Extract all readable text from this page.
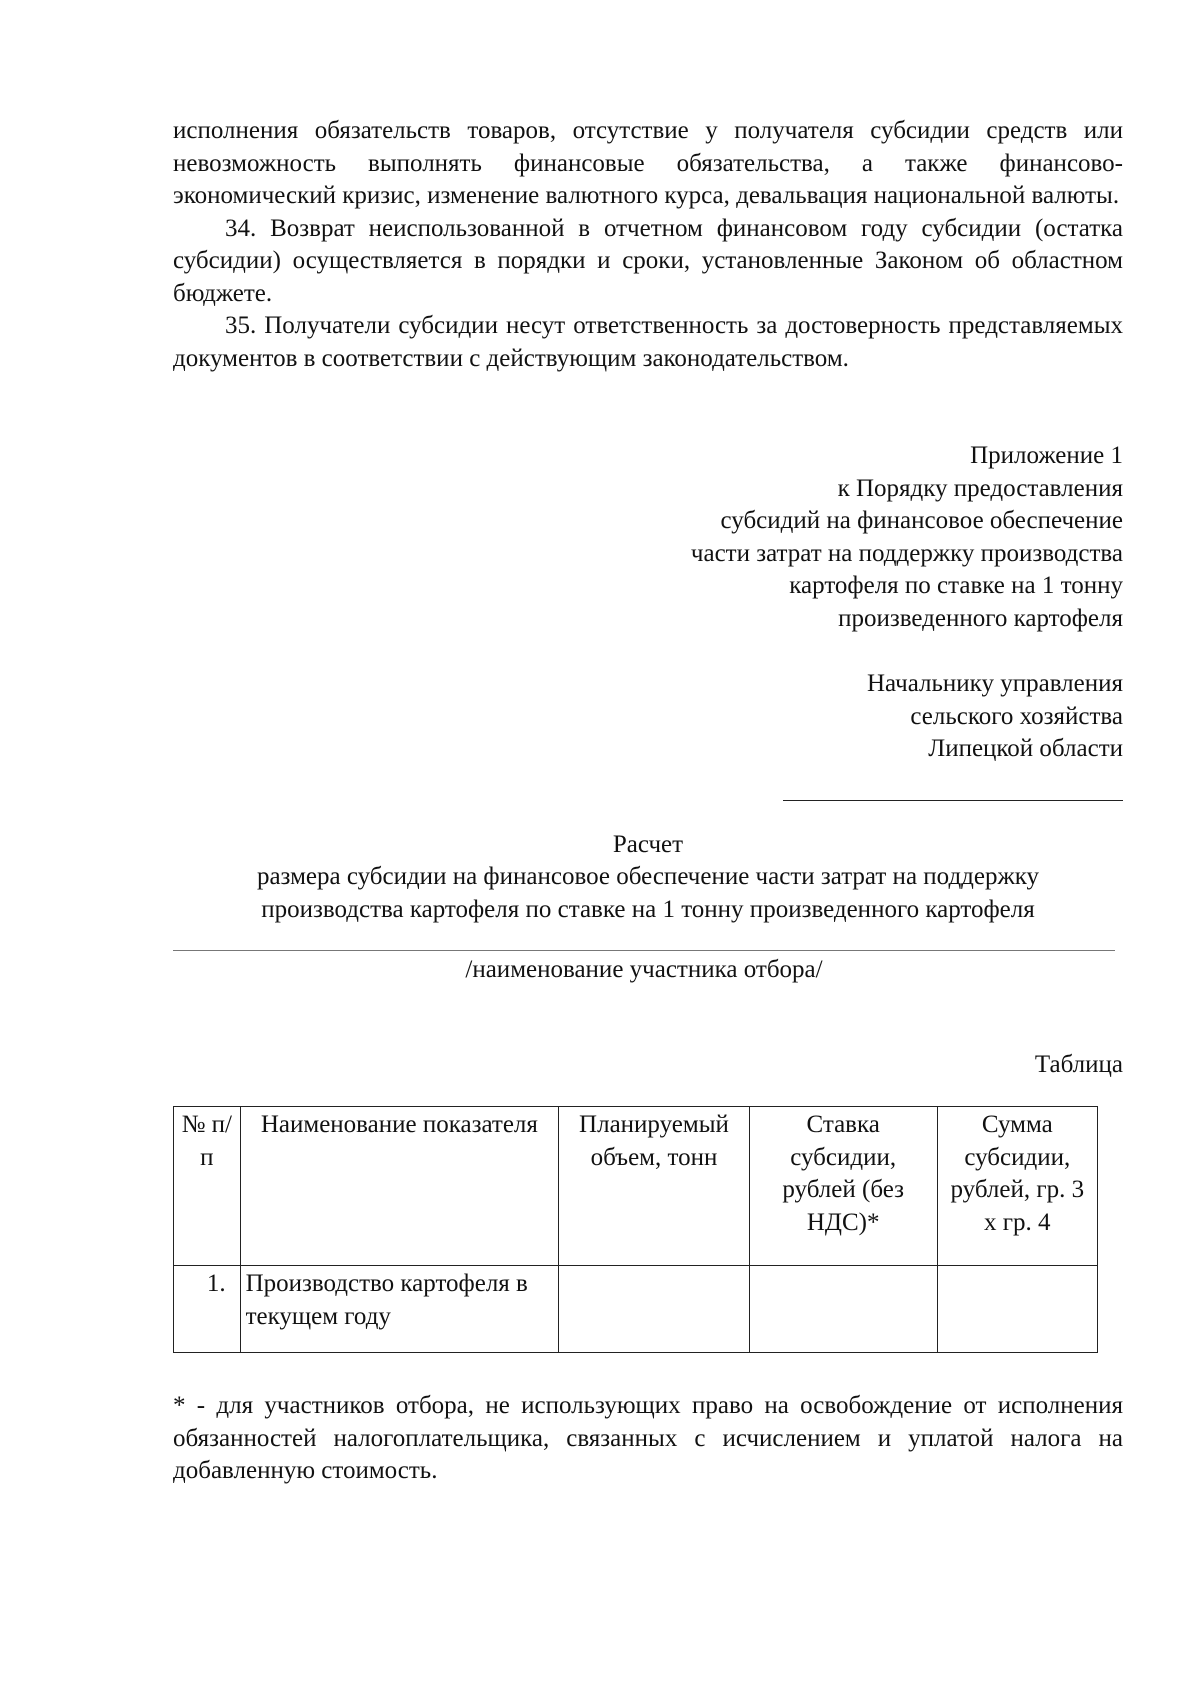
исполнения обязательств товаров, отсутствие у получателя субсидии средств или невозможность выполнять финансовые обязательства, а также финансово-экономический кризис, изменение валютного курса, девальвация национальной валюты.

34. Возврат неиспользованной в отчетном финансовом году субсидии (остатка субсидии) осуществляется в порядки и сроки, установленные Законом об областном бюджете.

35. Получатели субсидии несут ответственность за достоверность представляемых документов в соответствии с действующим законодательством.

Приложение 1

к Порядку предоставления

субсидий на финансовое обеспечение

части затрат на поддержку производства

картофеля по ставке на 1 тонну

произведенного картофеля

Начальнику управления

сельского хозяйства

Липецкой области

Расчет

размера субсидии на финансовое обеспечение части затрат на поддержку

производства картофеля по ставке на 1 тонну произведенного картофеля

/наименование участника отбора/

Таблица

№ п/п	Наименование показателя	Планируемый объем, тонн	Ставка субсидии, рублей (без НДС)*	Сумма субсидии, рублей, гр. 3 х гр. 4
1.	Производство картофеля в текущем году			

* - для участников отбора, не использующих право на освобождение от исполнения обязанностей налогоплательщика, связанных с исчислением и уплатой налога на добавленную стоимость.
